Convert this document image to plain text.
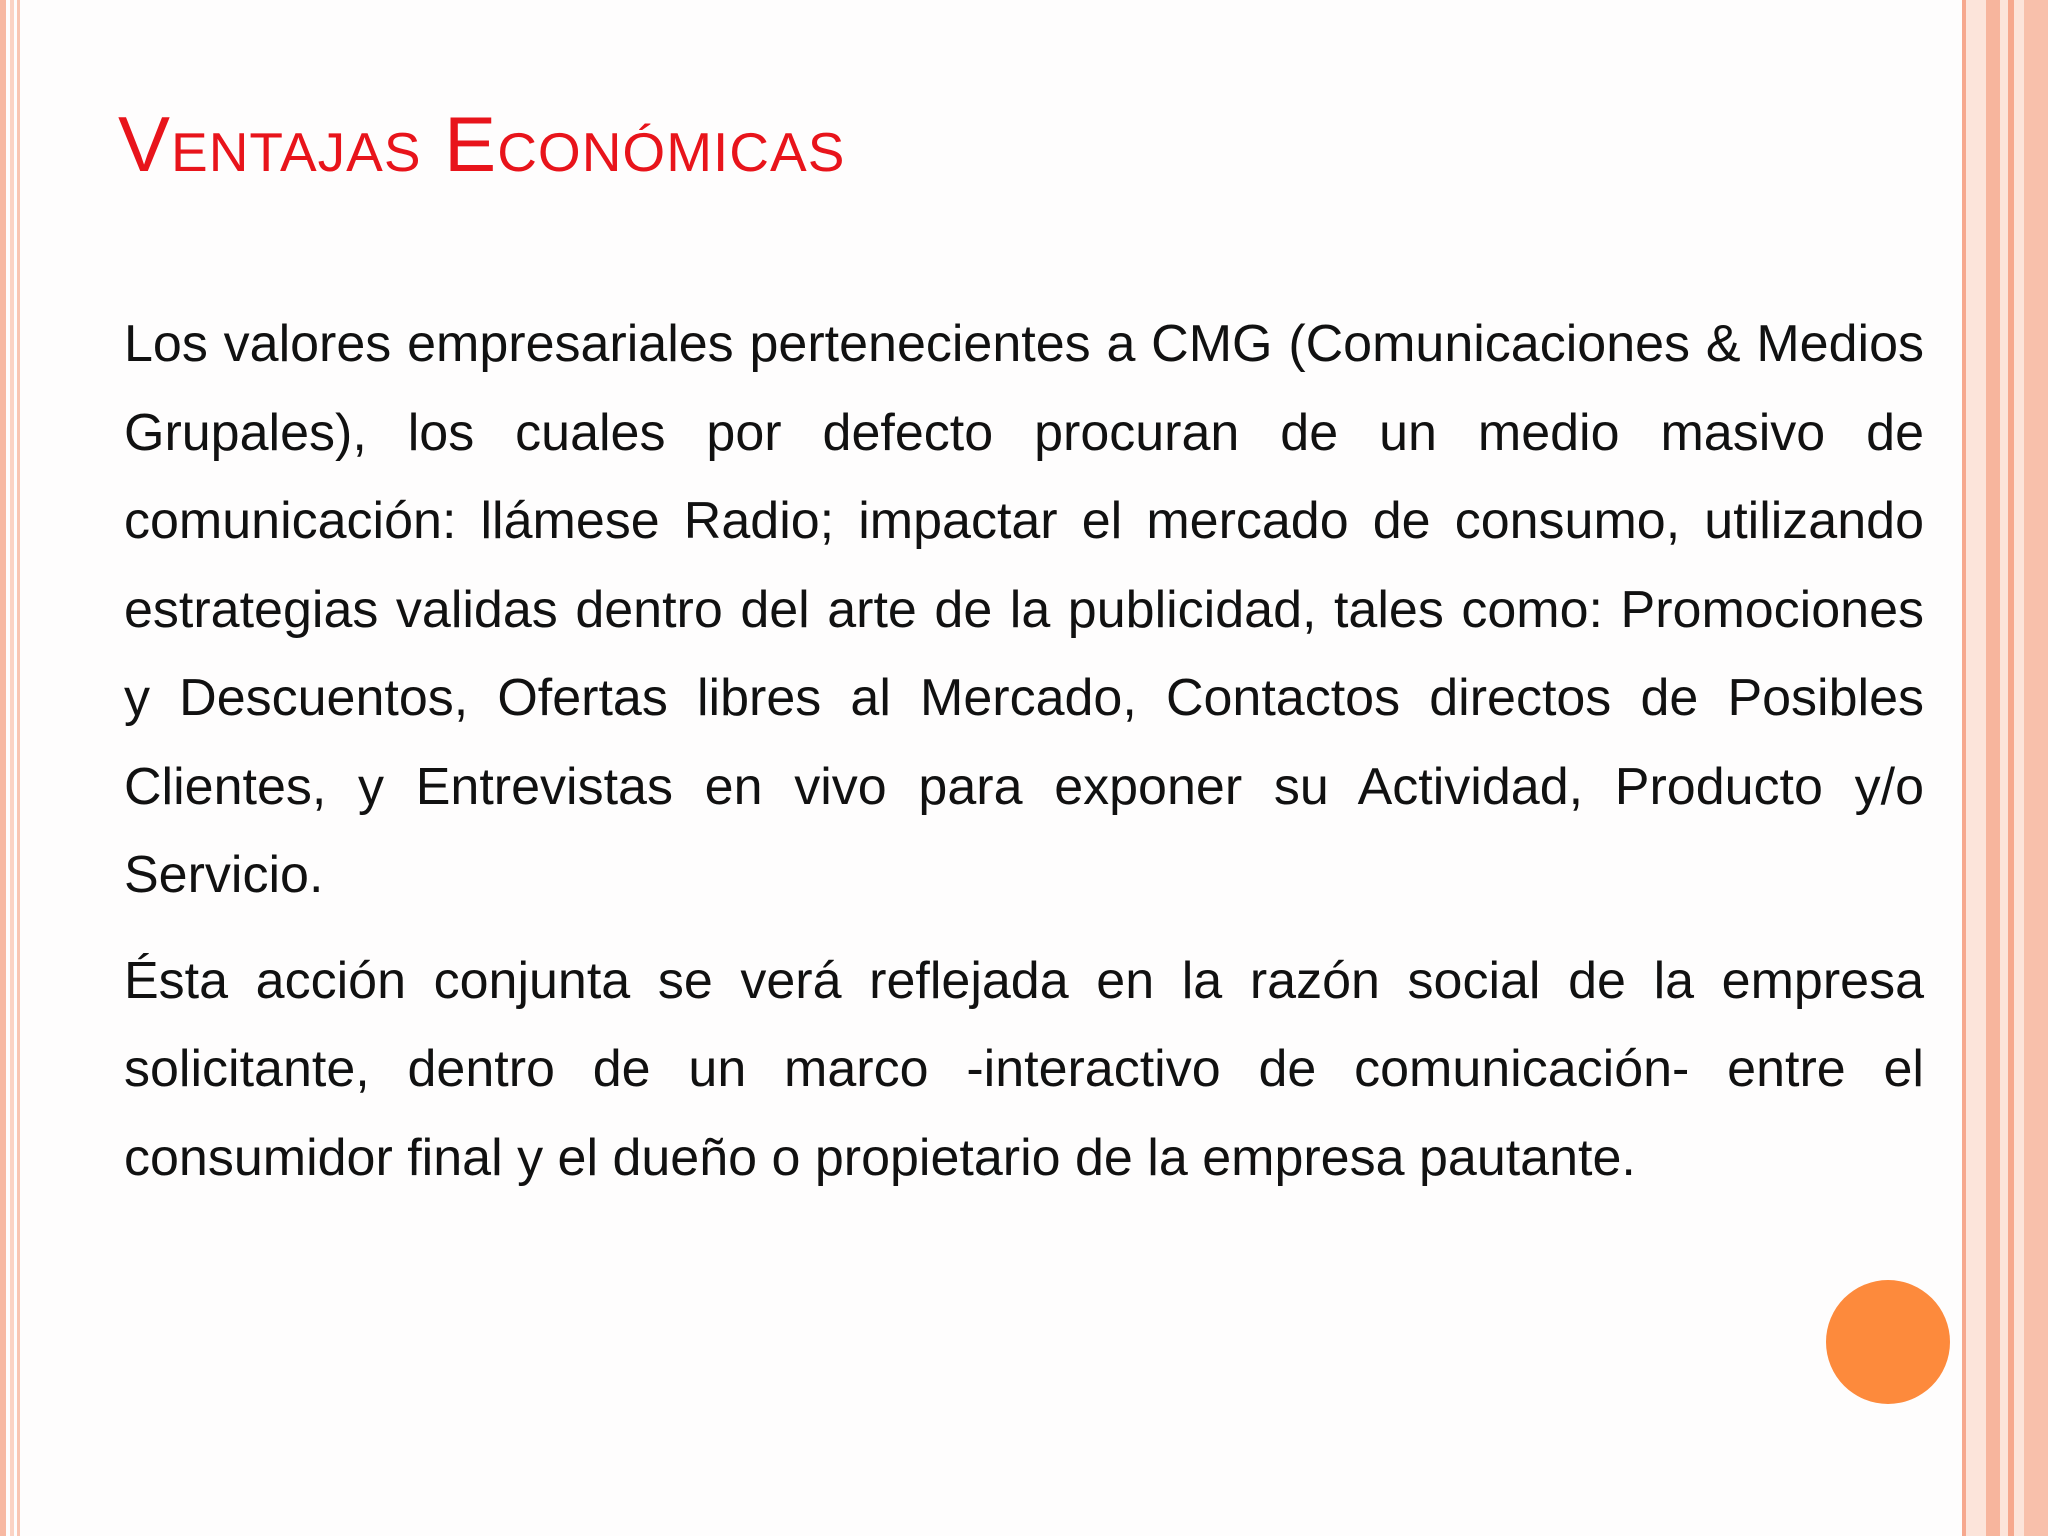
Ventajas Económicas

Los valores empresariales pertenecientes a CMG (Comunicaciones & Medios Grupales), los cuales por defecto procuran de un medio masivo de comunicación: llámese Radio; impactar el mercado de consumo, utilizando estrategias validas dentro del arte de la publicidad, tales como: Promociones y Descuentos, Ofertas libres al Mercado, Contactos directos de Posibles Clientes, y Entrevistas en vivo para exponer su Actividad, Producto y/o Servicio.

Ésta acción conjunta se verá reflejada en la razón social de la empresa solicitante, dentro de un marco -interactivo de comunicación- entre el consumidor final y el dueño o propietario de la empresa pautante.
